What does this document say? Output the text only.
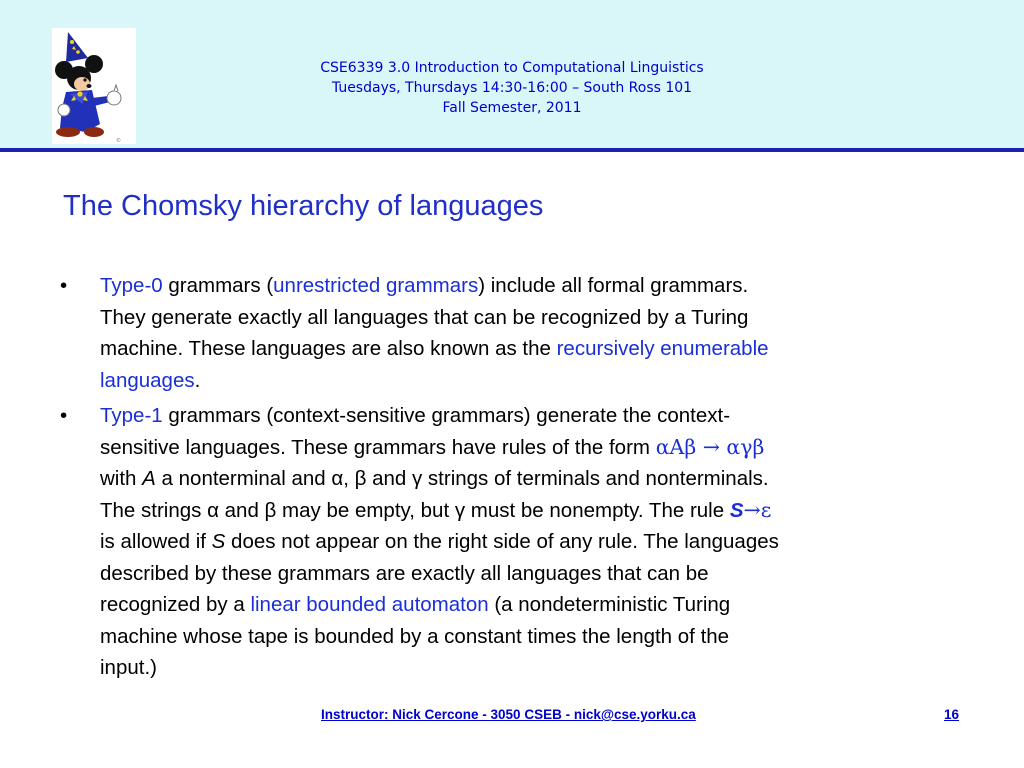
©
CSE6339 3.0 Introduction to Computational Linguistics
Tuesdays, Thursdays 14:30-16:00 – South Ross 101
Fall Semester, 2011
The Chomsky hierarchy of languages
•	Type-0 grammars (unrestricted grammars) include all formal grammars.
They generate exactly all languages that can be recognized by a Turing
machine. These languages are also known as the recursively enumerable
languages.
•	Type-1 grammars (context-sensitive grammars) generate the context-
sensitive languages. These grammars have rules of the form αAβ → αγβ
with A a nonterminal and α, β and γ strings of terminals and nonterminals.
The strings α and β may be empty, but γ must be nonempty. The rule S→ε
is allowed if S does not appear on the right side of any rule. The languages
described by these grammars are exactly all languages that can be
recognized by a linear bounded automaton (a nondeterministic Turing
machine whose tape is bounded by a constant times the length of the
input.)
Instructor: Nick Cercone - 3050 CSEB - nick@cse.yorku.ca	16
